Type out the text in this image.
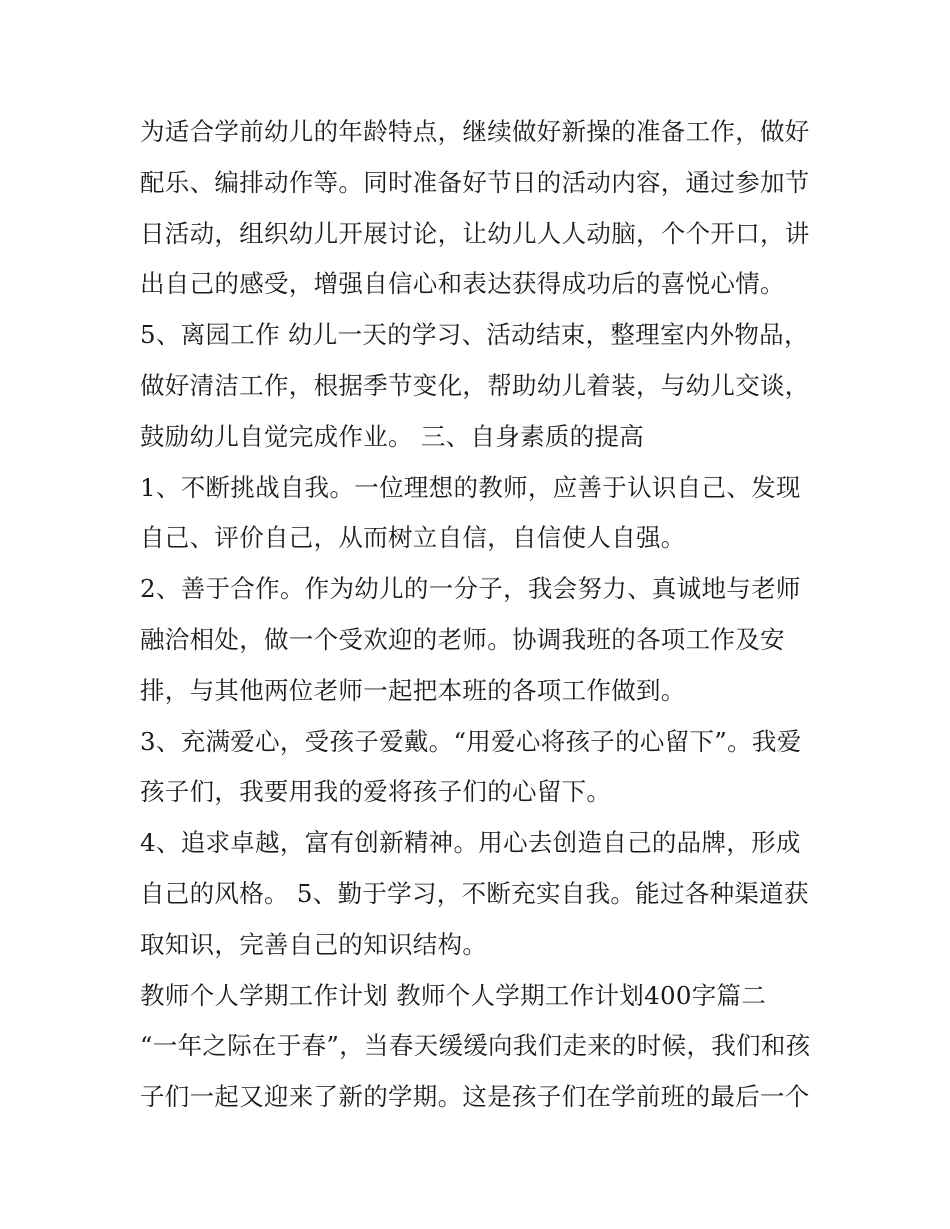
为适合学前幼儿的年龄特点，继续做好新操的准备工作，做好
配乐、编排动作等。同时准备好节日的活动内容，通过参加节
日活动，组织幼儿开展讨论，让幼儿人人动脑，个个开口，讲
出自己的感受，增强自信心和表达获得成功后的喜悦心情。
5、离园工作 幼儿一天的学习、活动结束，整理室内外物品，
做好清洁工作，根据季节变化，帮助幼儿着装，与幼儿交谈，
鼓励幼儿自觉完成作业。 三、自身素质的提高
1、不断挑战自我。一位理想的教师，应善于认识自己、发现
自己、评价自己，从而树立自信，自信使人自强。
2、善于合作。作为幼儿的一分子，我会努力、真诚地与老师
融洽相处，做一个受欢迎的老师。协调我班的各项工作及安
排，与其他两位老师一起把本班的各项工作做到。
3、充满爱心，受孩子爱戴。“用爱心将孩子的心留下”。我爱
孩子们，我要用我的爱将孩子们的心留下。
4、追求卓越，富有创新精神。用心去创造自己的品牌，形成
自己的风格。 5、勤于学习，不断充实自我。能过各种渠道获
取知识，完善自己的知识结构。
教师个人学期工作计划 教师个人学期工作计划400字篇二
“一年之际在于春”，当春天缓缓向我们走来的时候，我们和孩
子们一起又迎来了新的学期。这是孩子们在学前班的最后一个
